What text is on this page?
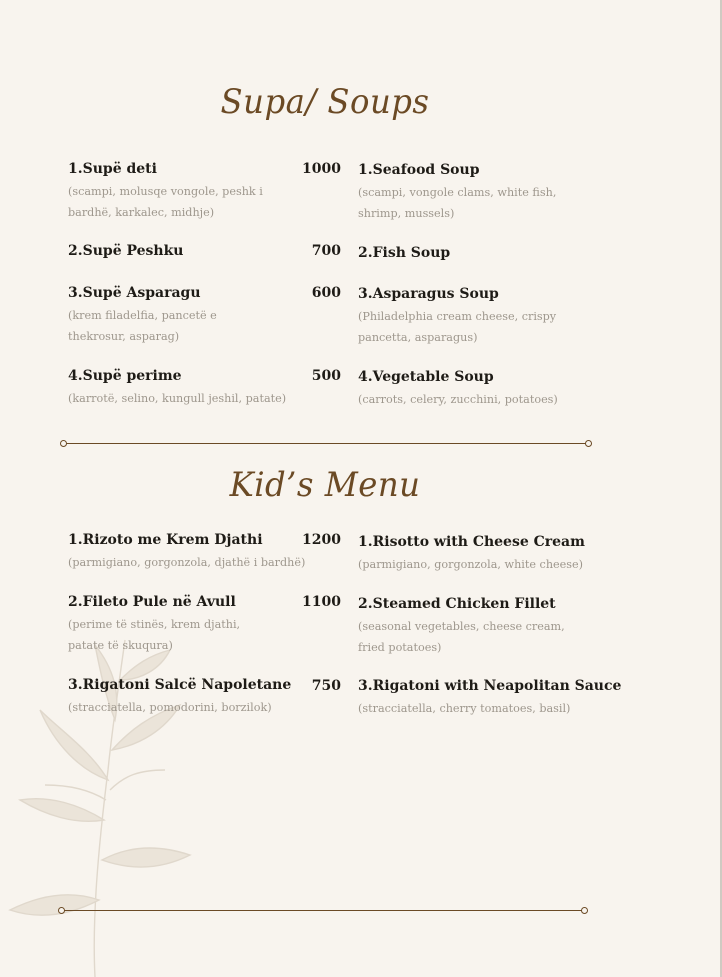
Supa/ Soups
1.Supë deti
(scampi, molusqe vongole, peshk i bardhë, karkalec, midhje)
1000 1.Seafood Soup
(scampi, vongole clams, white fish, shrimp, mussels)
2.Supë Peshku	700 2.Fish Soup
3.Supë Asparagu
(krem filadelfia, pancetë e thekrosur, asparag)
600 3.Asparagus Soup
(Philadelphia cream cheese, crispy pancetta, asparagus)
4.Supë perime
(karrotë, selino, kungull jeshil, patate)
500 4.Vegetable Soup
(carrots, celery, zucchini, potatoes)
Kid’s Menu
1.Rizoto me Krem Djathi
(parmigiano, gorgonzola, djathë i bardhë)
1200 1.Risotto with Cheese Cream
(parmigiano, gorgonzola, white cheese)
2.Fileto Pule në Avull
(perime të stinës, krem djathi, patate të skuqura)
1100 2.Steamed Chicken Fillet
(seasonal vegetables, cheese cream, fried potatoes)
3.Rigatoni Salcë Napoletane
(stracciatella, pomodorini, borzilok)
750 3.Rigatoni with Neapolitan Sauce
(stracciatella, cherry tomatoes, basil)
